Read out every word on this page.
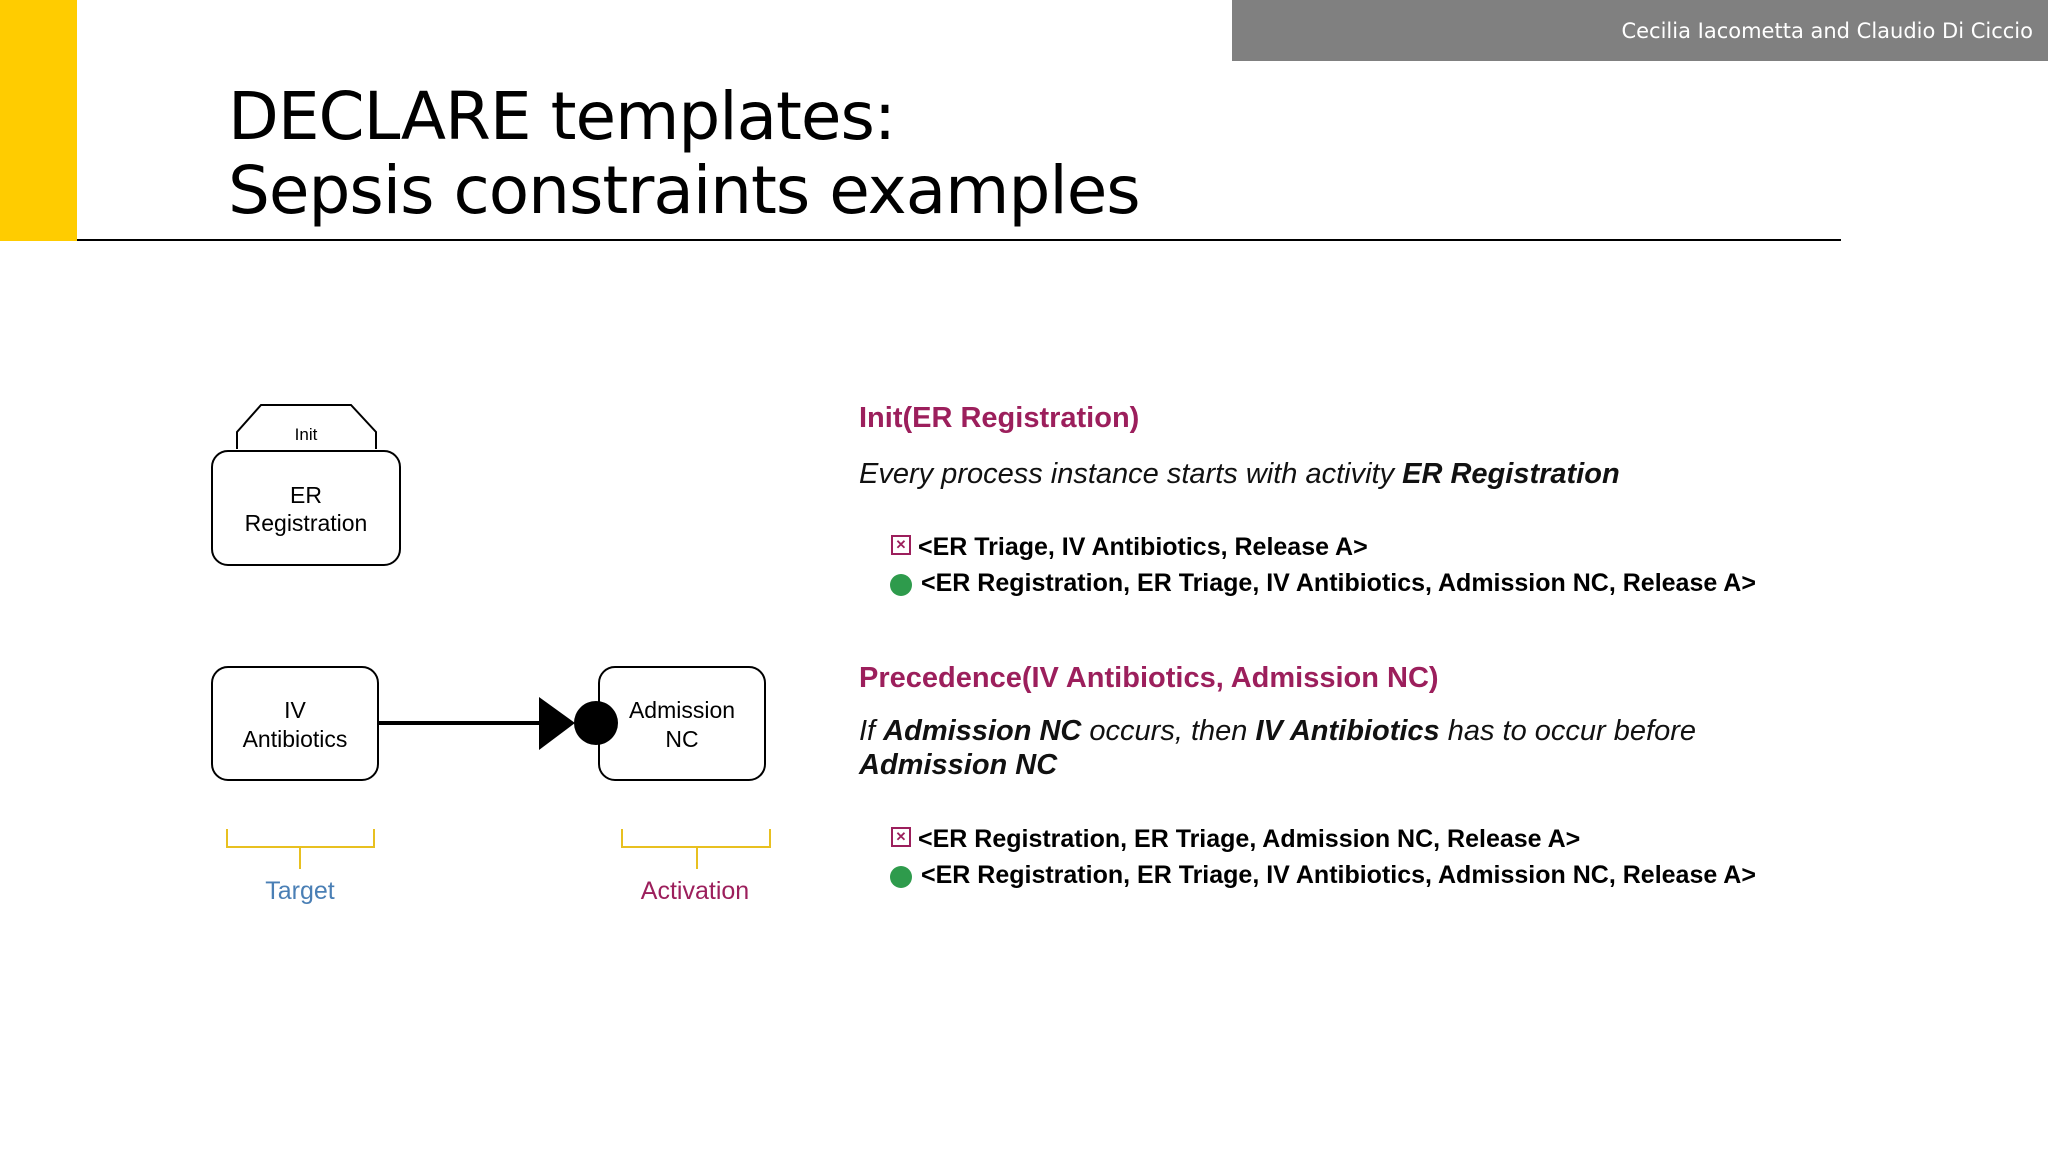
Cecilia Iacometta and Claudio Di Ciccio
DECLARE templates:
Sepsis constraints examples
Init
ER
Registration
IV
Antibiotics
Admission
NC
Target	Activation
Init(ER Registration)
Every process instance starts with activity ER Registration
✕ <ER Triage, IV Antibiotics, Release A>
<ER Registration, ER Triage, IV Antibiotics, Admission NC, Release A>
Precedence(IV Antibiotics, Admission NC)
If Admission NC occurs, then IV Antibiotics has to occur before
Admission NC
✕ <ER Registration, ER Triage, Admission NC, Release A>
<ER Registration, ER Triage, IV Antibiotics, Admission NC, Release A>
